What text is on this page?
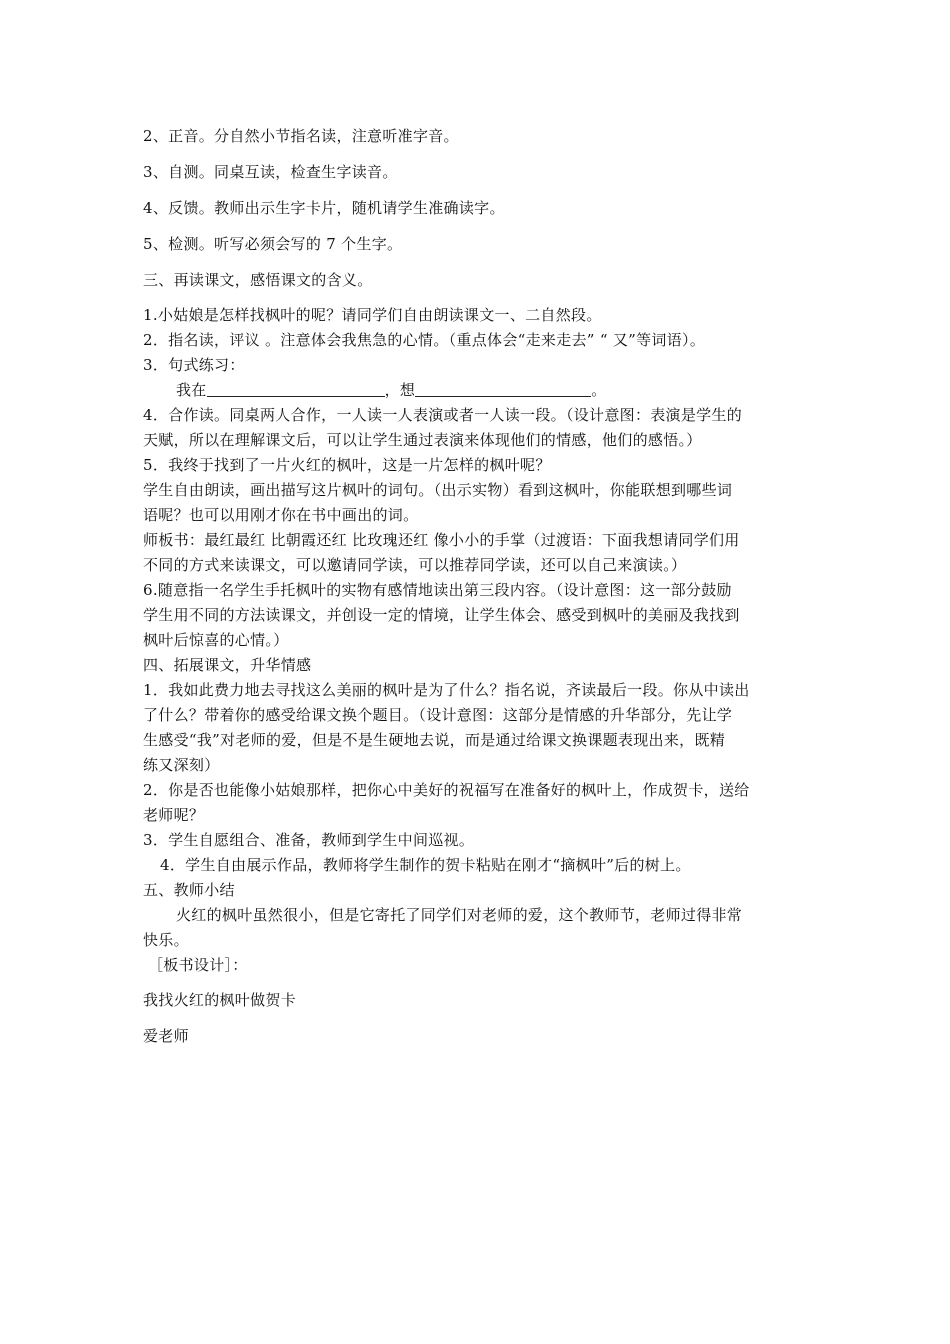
2、正音。分自然小节指名读，注意听准字音。
3、自测。同桌互读，检查生字读音。
4、反馈。教师出示生字卡片，随机请学生准确读字。
5、检测。听写必须会写的 7 个生字。
三、再读课文，感悟课文的含义。
1.小姑娘是怎样找枫叶的呢？请同学们自由朗读课文一、二自然段。
2．指名读，评议 。注意体会我焦急的心情。（重点体会“走来走去” “ 又”等词语）。
3．句式练习：
我在	，想	。
4．合作读。同桌两人合作，一人读一人表演或者一人读一段。（设计意图：表演是学生的
天赋，所以在理解课文后，可以让学生通过表演来体现他们的情感，他们的感悟。）
5．我终于找到了一片火红的枫叶，这是一片怎样的枫叶呢？
学生自由朗读，画出描写这片枫叶的词句。（出示实物）看到这枫叶，你能联想到哪些词
语呢？也可以用刚才你在书中画出的词。
师板书：最红最红 比朝霞还红 比玫瑰还红 像小小的手掌（过渡语：下面我想请同学们用
不同的方式来读课文，可以邀请同学读，可以推荐同学读，还可以自己来演读。）
6.随意指一名学生手托枫叶的实物有感情地读出第三段内容。（设计意图：这一部分鼓励
学生用不同的方法读课文，并创设一定的情境，让学生体会、感受到枫叶的美丽及我找到
枫叶后惊喜的心情。）
四、拓展课文，升华情感
1．我如此费力地去寻找这么美丽的枫叶是为了什么？指名说，齐读最后一段。你从中读出
了什么？带着你的感受给课文换个题目。（设计意图：这部分是情感的升华部分，先让学
生感受“我”对老师的爱，但是不是生硬地去说，而是通过给课文换课题表现出来，既精
练又深刻）
2．你是否也能像小姑娘那样，把你心中美好的祝福写在准备好的枫叶上，作成贺卡，送给
老师呢？
3．学生自愿组合、准备，教师到学生中间巡视。
4．学生自由展示作品，教师将学生制作的贺卡粘贴在刚才“摘枫叶”后的树上。
五、教师小结
火红的枫叶虽然很小，但是它寄托了同学们对老师的爱，这个教师节，老师过得非常
快乐。
［板书设计］：
我找火红的枫叶做贺卡
爱老师
